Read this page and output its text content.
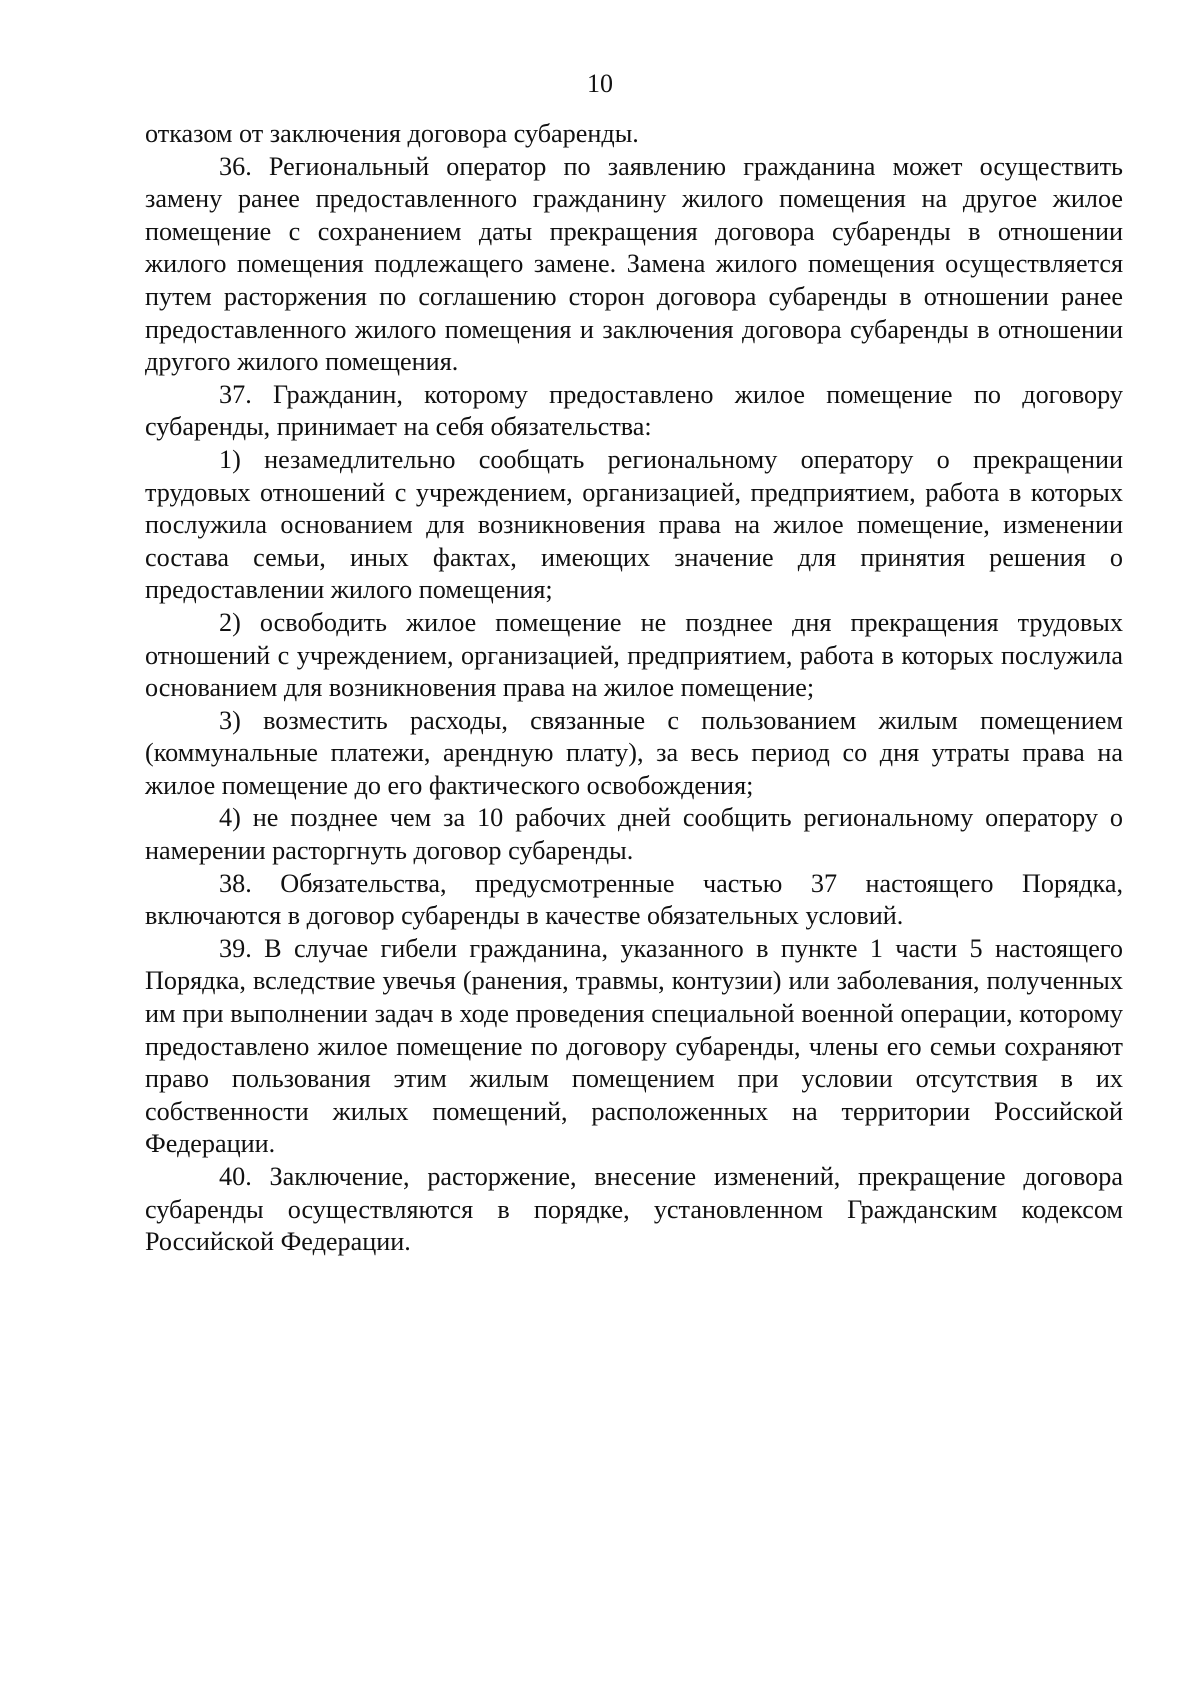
10

отказом от заключения договора субаренды.

36. Региональный оператор по заявлению гражданина может осуществить замену ранее предоставленного гражданину жилого помещения на другое жилое помещение с сохранением даты прекращения договора субаренды в отношении жилого помещения подлежащего замене. Замена жилого помещения осуществляется путем расторжения по соглашению сторон договора субаренды в отношении ранее предоставленного жилого помещения и заключения договора субаренды в отношении другого жилого помещения.

37. Гражданин, которому предоставлено жилое помещение по договору субаренды, принимает на себя обязательства:

1) незамедлительно сообщать региональному оператору о прекращении трудовых отношений с учреждением, организацией, предприятием, работа в которых послужила основанием для возникновения права на жилое помещение, изменении состава семьи, иных фактах, имеющих значение для принятия решения о предоставлении жилого помещения;

2) освободить жилое помещение не позднее дня прекращения трудовых отношений с учреждением, организацией, предприятием, работа в которых послужила основанием для возникновения права на жилое помещение;

3) возместить расходы, связанные с пользованием жилым помещением (коммунальные платежи, арендную плату), за весь период со дня утраты права на жилое помещение до его фактического освобождения;

4) не позднее чем за 10 рабочих дней сообщить региональному оператору о намерении расторгнуть договор субаренды.

38. Обязательства, предусмотренные частью 37 настоящего Порядка, включаются в договор субаренды в качестве обязательных условий.

39. В случае гибели гражданина, указанного в пункте 1 части 5 настоящего Порядка, вследствие увечья (ранения, травмы, контузии) или заболевания, полученных им при выполнении задач в ходе проведения специальной военной операции, которому предоставлено жилое помещение по договору субаренды, члены его семьи сохраняют право пользования этим жилым помещением при условии отсутствия в их собственности жилых помещений, расположенных на территории Российской Федерации.

40. Заключение, расторжение, внесение изменений, прекращение договора субаренды осуществляются в порядке, установленном Гражданским кодексом Российской Федерации.
